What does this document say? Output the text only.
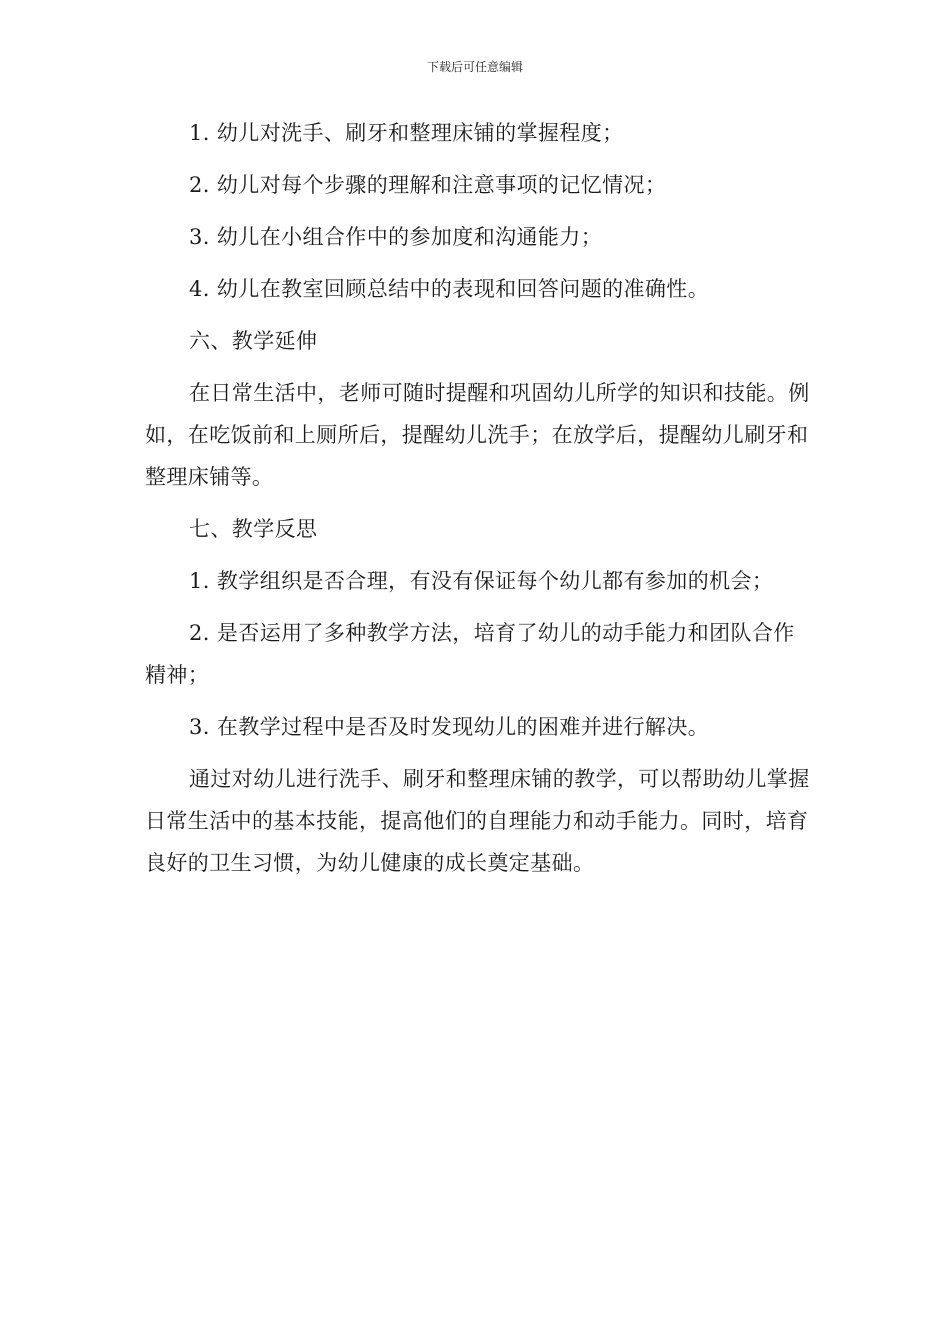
下载后可任意编辑

1. 幼儿对洗手、刷牙和整理床铺的掌握程度；

2. 幼儿对每个步骤的理解和注意事项的记忆情况；

3. 幼儿在小组合作中的参加度和沟通能力；

4. 幼儿在教室回顾总结中的表现和回答问题的准确性。

六、教学延伸

在日常生活中，老师可随时提醒和巩固幼儿所学的知识和技能。例如，在吃饭前和上厕所后，提醒幼儿洗手；在放学后，提醒幼儿刷牙和整理床铺等。

七、教学反思

1. 教学组织是否合理，有没有保证每个幼儿都有参加的机会；

2. 是否运用了多种教学方法，培育了幼儿的动手能力和团队合作精神；

3. 在教学过程中是否及时发现幼儿的困难并进行解决。

通过对幼儿进行洗手、刷牙和整理床铺的教学，可以帮助幼儿掌握日常生活中的基本技能，提高他们的自理能力和动手能力。同时，培育良好的卫生习惯，为幼儿健康的成长奠定基础。
